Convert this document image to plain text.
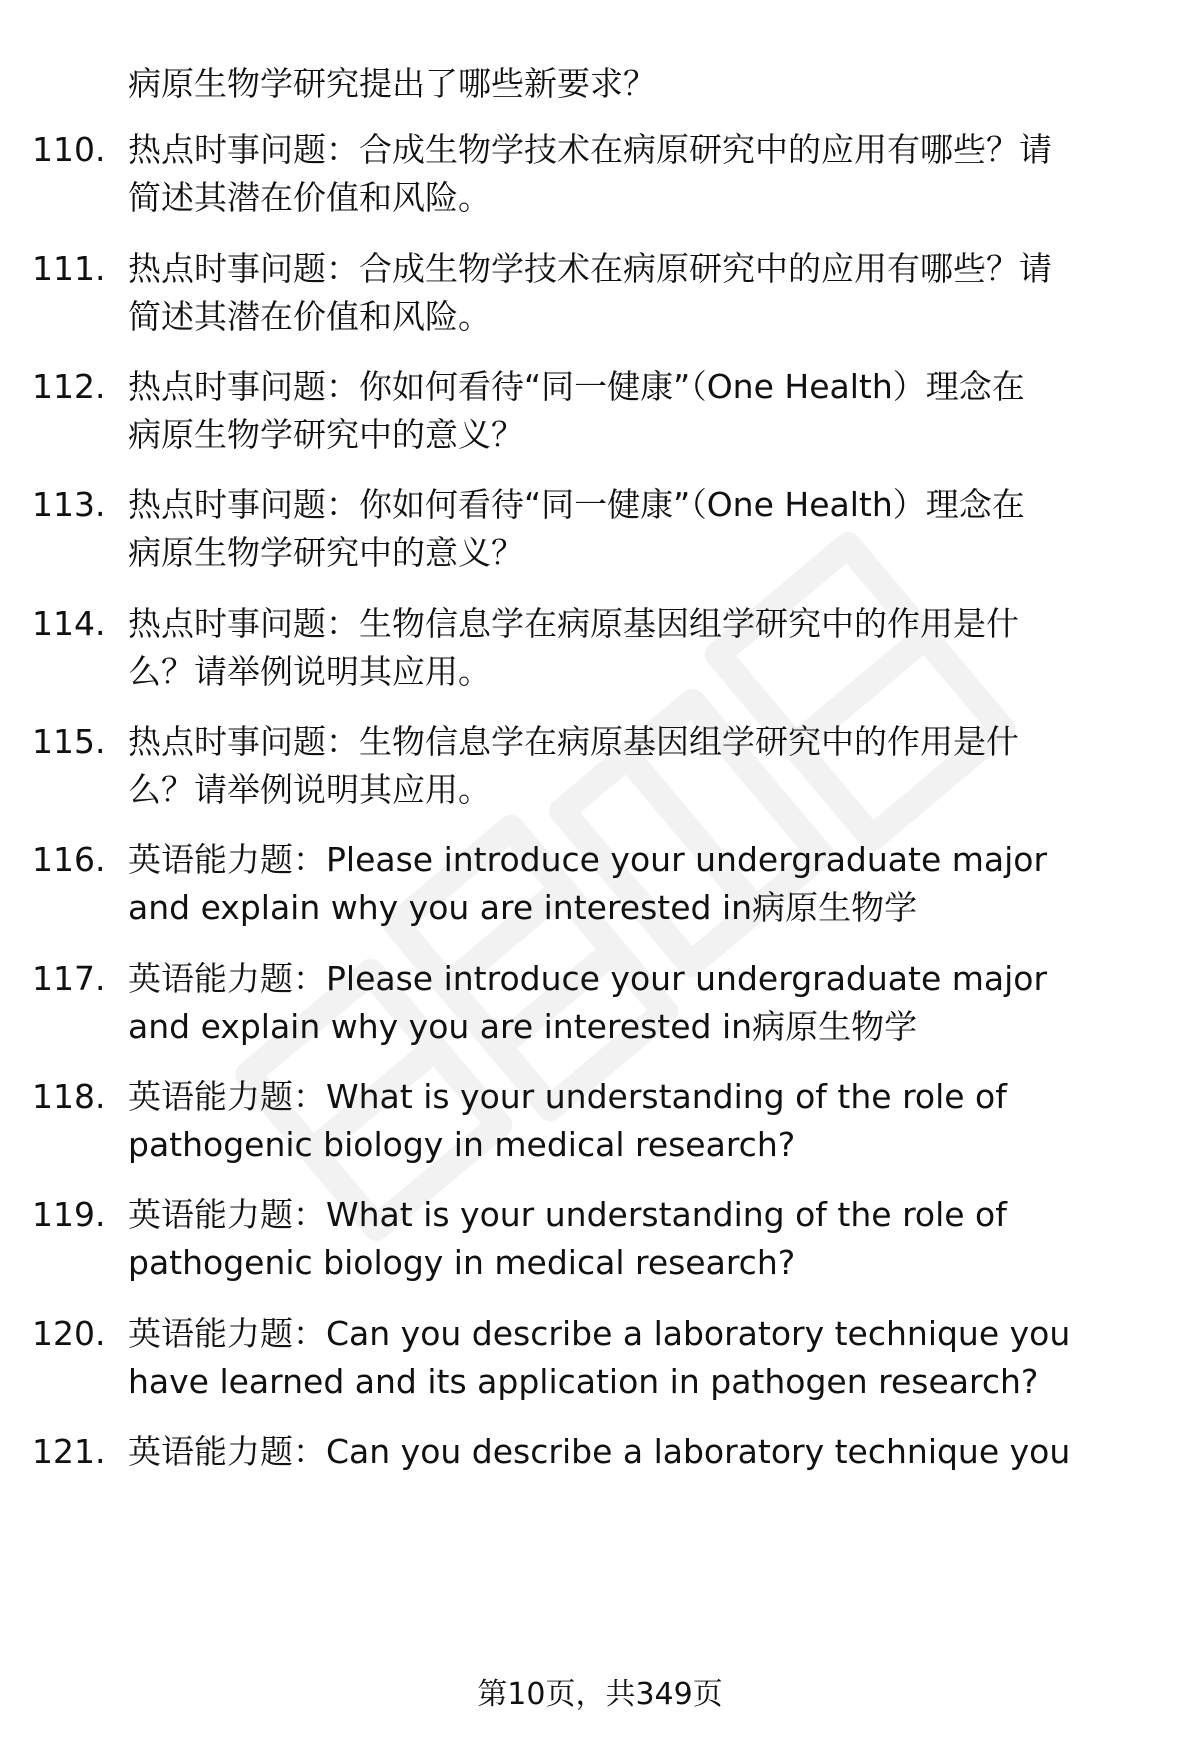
病原生物学研究提出了哪些新要求？
110. 热点时事问题：合成生物学技术在病原研究中的应用有哪些？请
简述其潜在价值和风险。
111. 热点时事问题：合成生物学技术在病原研究中的应用有哪些？请
简述其潜在价值和风险。
112. 热点时事问题：你如何看待“同一健康”（One Health）理念在
病原生物学研究中的意义？
113. 热点时事问题：你如何看待“同一健康”（One Health）理念在
病原生物学研究中的意义？
114. 热点时事问题：生物信息学在病原基因组学研究中的作用是什
么？请举例说明其应用。
115. 热点时事问题：生物信息学在病原基因组学研究中的作用是什
么？请举例说明其应用。
116. 英语能力题：Please introduce your undergraduate major
and explain why you are interested in病原生物学
117. 英语能力题：Please introduce your undergraduate major
and explain why you are interested in病原生物学
118. 英语能力题：What is your understanding of the role of
pathogenic biology in medical research?
119. 英语能力题：What is your understanding of the role of
pathogenic biology in medical research?
120. 英语能力题：Can you describe a laboratory technique you
have learned and its application in pathogen research?
121. 英语能力题：Can you describe a laboratory technique you
第10页，共349页
